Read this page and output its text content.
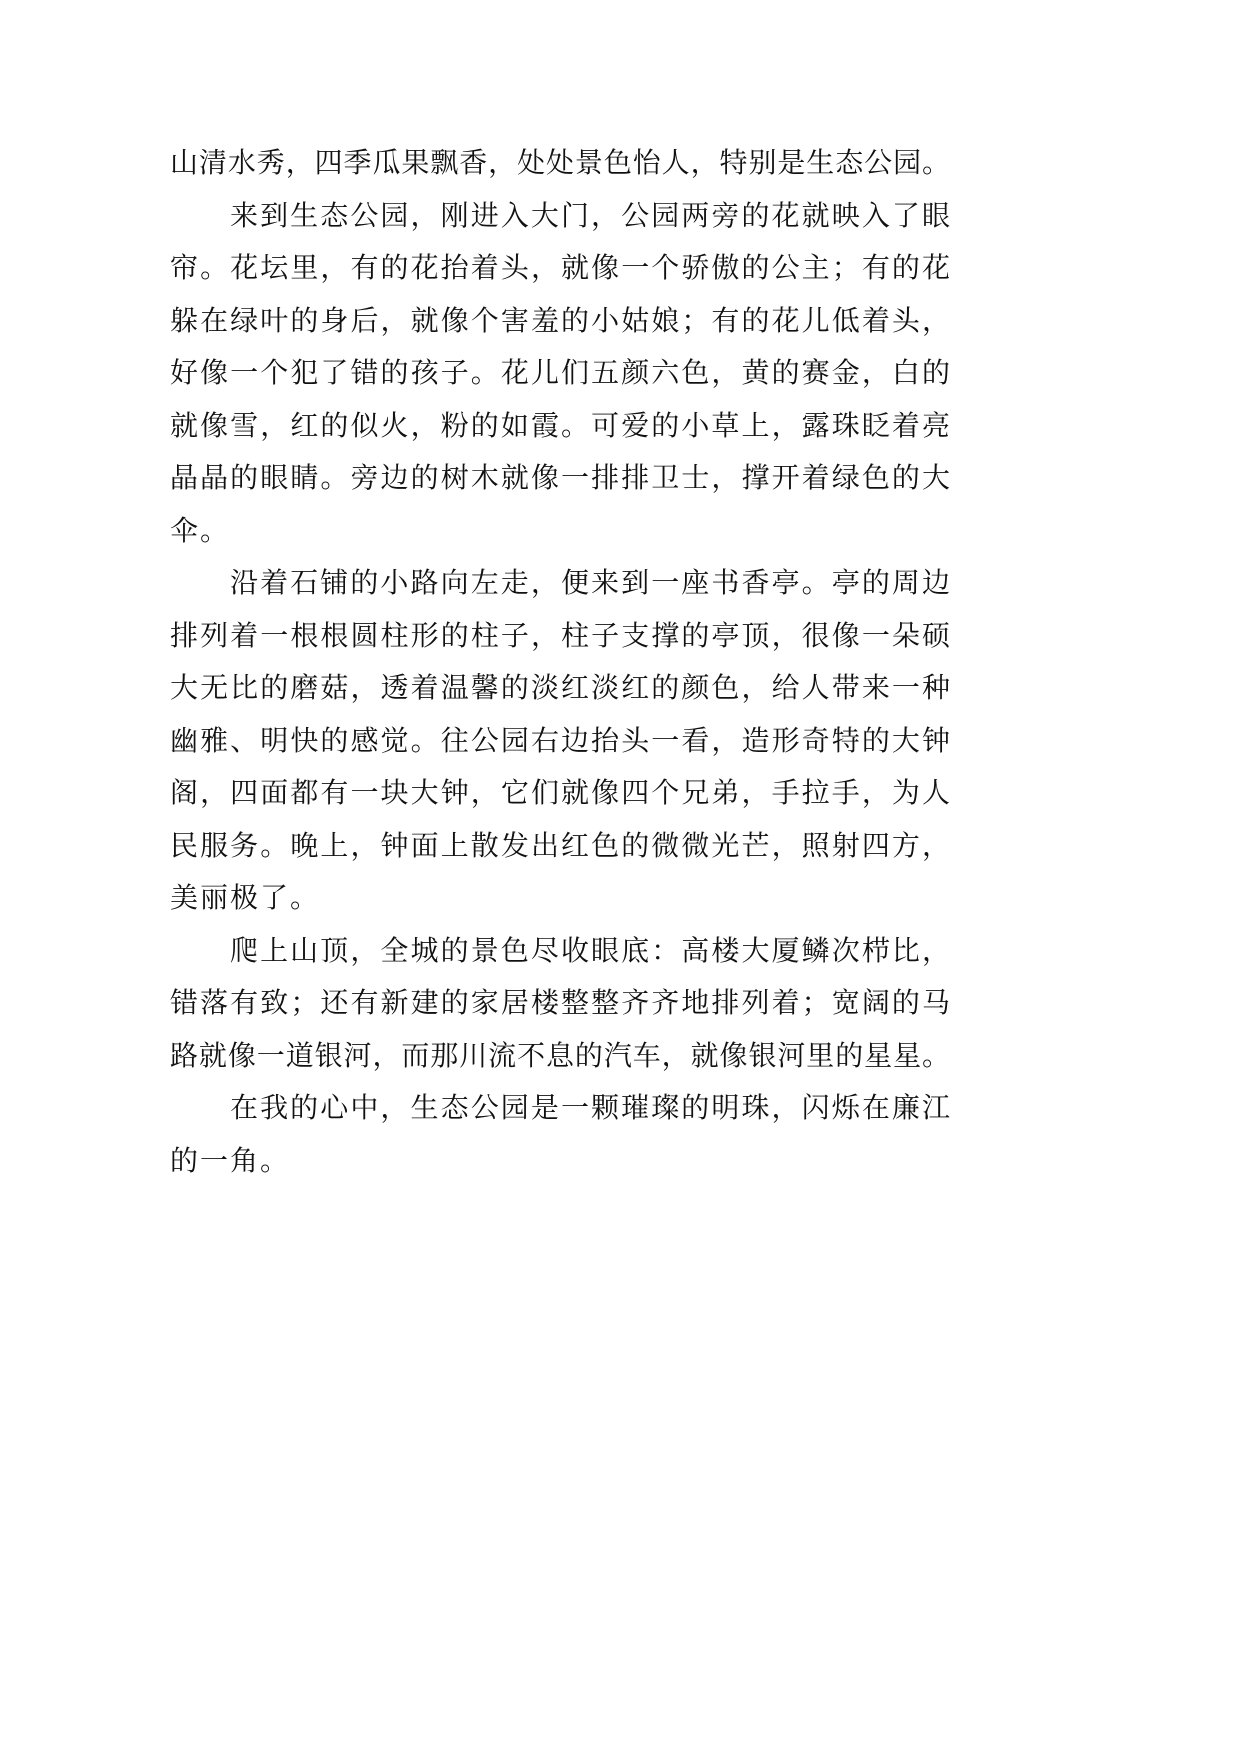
山清水秀，四季瓜果飘香，处处景色怡人，特别是生态公园。
来到生态公园，刚进入大门，公园两旁的花就映入了眼
帘。花坛里，有的花抬着头，就像一个骄傲的公主；有的花
躲在绿叶的身后，就像个害羞的小姑娘；有的花儿低着头，
好像一个犯了错的孩子。花儿们五颜六色，黄的赛金，白的
就像雪，红的似火，粉的如霞。可爱的小草上，露珠眨着亮
晶晶的眼睛。旁边的树木就像一排排卫士，撑开着绿色的大
伞。
沿着石铺的小路向左走，便来到一座书香亭。亭的周边
排列着一根根圆柱形的柱子，柱子支撑的亭顶，很像一朵硕
大无比的磨菇，透着温馨的淡红淡红的颜色，给人带来一种
幽雅、明快的感觉。往公园右边抬头一看，造形奇特的大钟
阁，四面都有一块大钟，它们就像四个兄弟，手拉手，为人
民服务。晚上，钟面上散发出红色的微微光芒，照射四方，
美丽极了。
爬上山顶，全城的景色尽收眼底：高楼大厦鳞次栉比，
错落有致；还有新建的家居楼整整齐齐地排列着；宽阔的马
路就像一道银河，而那川流不息的汽车，就像银河里的星星。
在我的心中，生态公园是一颗璀璨的明珠，闪烁在廉江
的一角。
